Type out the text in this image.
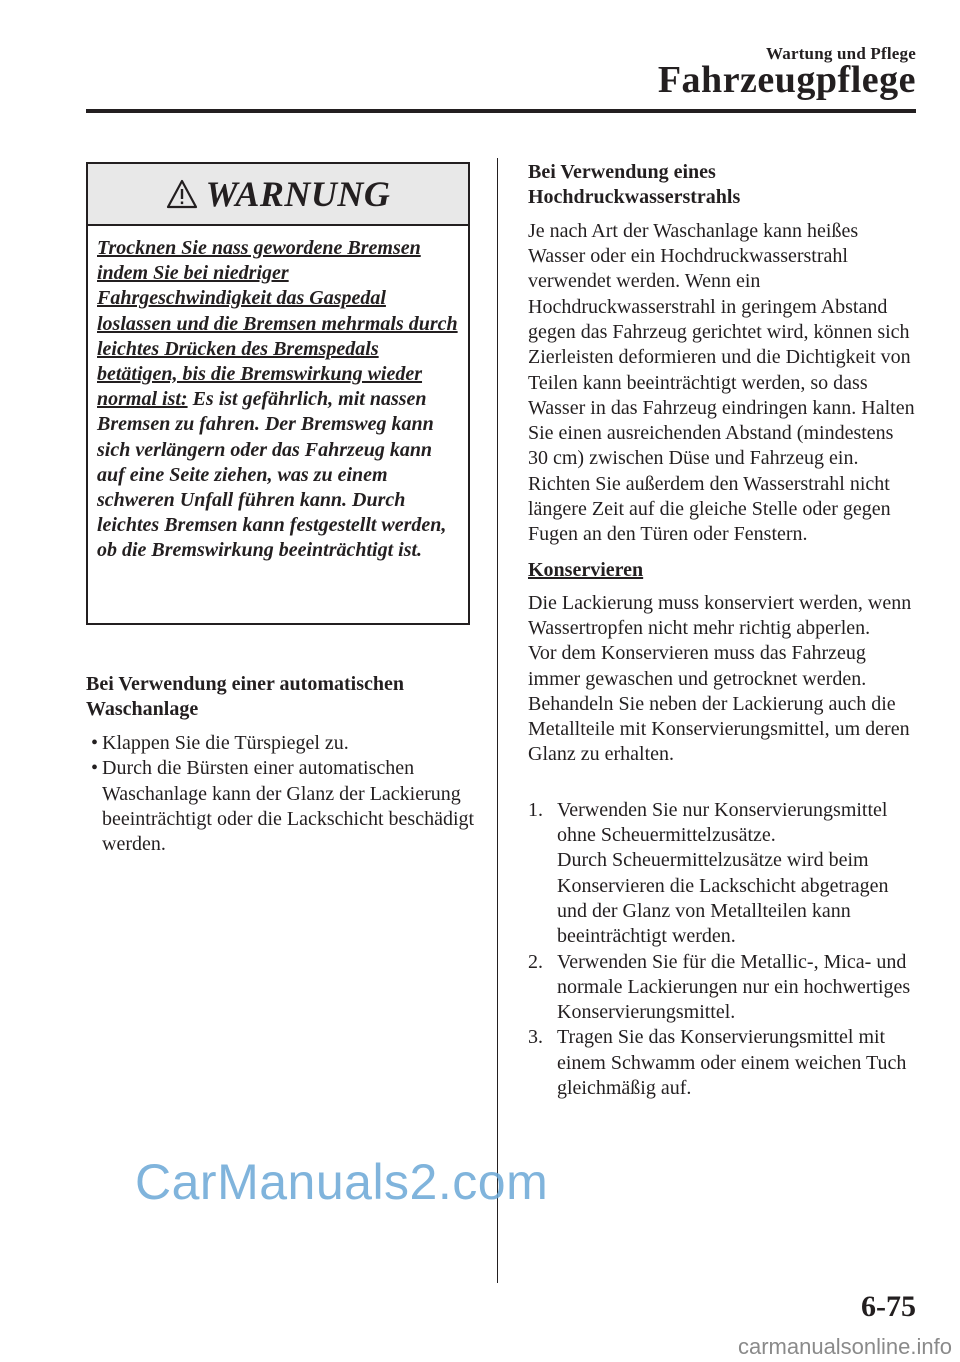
Wartung und Pflege
Fahrzeugpflege
WARNUNG
Trocknen Sie nass gewordene Bremsen indem Sie bei niedriger Fahrgeschwindigkeit das Gaspedal loslassen und die Bremsen mehrmals durch leichtes Drücken des Bremspedals betätigen, bis die Bremswirkung wieder normal ist: Es ist gefährlich, mit nassen Bremsen zu fahren. Der Bremsweg kann sich verlängern oder das Fahrzeug kann auf eine Seite ziehen, was zu einem schweren Unfall führen kann. Durch leichtes Bremsen kann festgestellt werden, ob die Bremswirkung beeinträchtigt ist.

Bei Verwendung einer automatischen Waschanlage

• Klappen Sie die Türspiegel zu.
• Durch die Bürsten einer automatischen Waschanlage kann der Glanz der Lackierung beeinträchtigt oder die Lackschicht beschädigt werden.

Bei Verwendung eines Hochdruckwasserstrahls

Je nach Art der Waschanlage kann heißes Wasser oder ein Hochdruckwasserstrahl verwendet werden. Wenn ein Hochdruckwasserstrahl in geringem Abstand gegen das Fahrzeug gerichtet wird, können sich Zierleisten deformieren und die Dichtigkeit von Teilen kann beeinträchtigt werden, so dass Wasser in das Fahrzeug eindringen kann. Halten Sie einen ausreichenden Abstand (mindestens 30 cm) zwischen Düse und Fahrzeug ein. Richten Sie außerdem den Wasserstrahl nicht längere Zeit auf die gleiche Stelle oder gegen Fugen an den Türen oder Fenstern.

Konservieren

Die Lackierung muss konserviert werden, wenn Wassertropfen nicht mehr richtig abperlen.

Vor dem Konservieren muss das Fahrzeug immer gewaschen und getrocknet werden. Behandeln Sie neben der Lackierung auch die Metallteile mit Konservierungsmittel, um deren Glanz zu erhalten.

1. Verwenden Sie nur Konservierungsmittel ohne Scheuermittelzusätze.
Durch Scheuermittelzusätze wird beim Konservieren die Lackschicht abgetragen und der Glanz von Metallteilen kann beeinträchtigt werden.
2. Verwenden Sie für die Metallic-, Mica- und normale Lackierungen nur ein hochwertiges Konservierungsmittel.
3. Tragen Sie das Konservierungsmittel mit einem Schwamm oder einem weichen Tuch gleichmäßig auf.
6-75
CarManuals2.com
carmanualsonline.info
